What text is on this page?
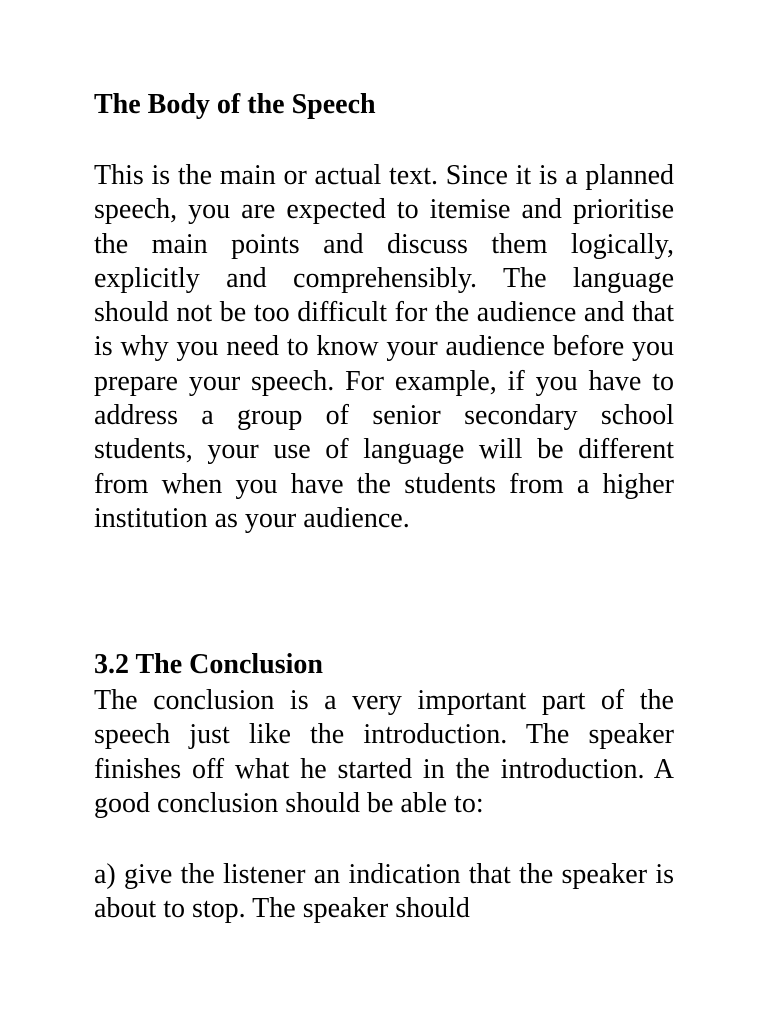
The Body of the Speech
This is the main or actual text. Since it is a planned speech, you are expected to itemise and prioritise the main points and discuss them logically, explicitly and comprehensibly. The language should not be too difficult for the audience and that is why you need to know your audience before you prepare your speech. For example, if you have to address a group of senior secondary school students, your use of language will be different from when you have the students from a higher institution as your audience.
3.2 The Conclusion
The conclusion is a very important part of the speech just like the introduction. The speaker finishes off what he started in the introduction. A good conclusion should be able to:
a) give the listener an indication that the speaker is about to stop. The speaker should
